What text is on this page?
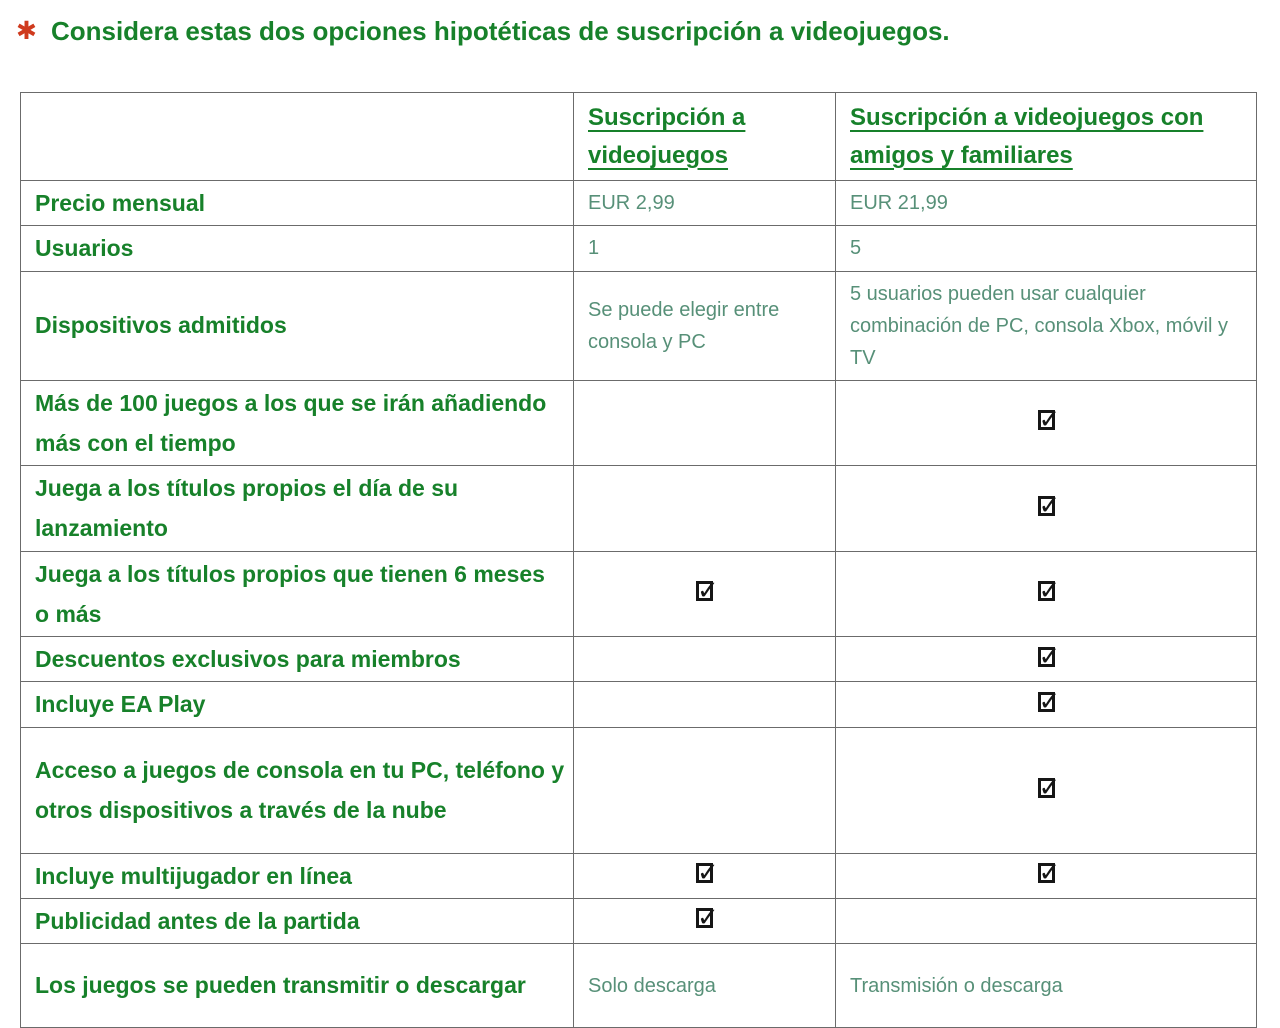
✱ Considera estas dos opciones hipotéticas de suscripción a videojuegos.
	Suscripción a videojuegos	Suscripción a videojuegos con amigos y familiares
Precio mensual	EUR 2,99	EUR 21,99
Usuarios	1	5
Dispositivos admitidos	Se puede elegir entre consola y PC	5 usuarios pueden usar cualquier combinación de PC, consola Xbox, móvil y TV
Más de 100 juegos a los que se irán añadiendo más con el tiempo		✓
Juega a los títulos propios el día de su lanzamiento		✓
Juega a los títulos propios que tienen 6 meses o más	✓	✓
Descuentos exclusivos para miembros		✓
Incluye EA Play		✓
Acceso a juegos de consola en tu PC, teléfono y otros dispositivos a través de la nube		✓
Incluye multijugador en línea	✓	✓
Publicidad antes de la partida	✓	
Los juegos se pueden transmitir o descargar	Solo descarga	Transmisión o descarga
